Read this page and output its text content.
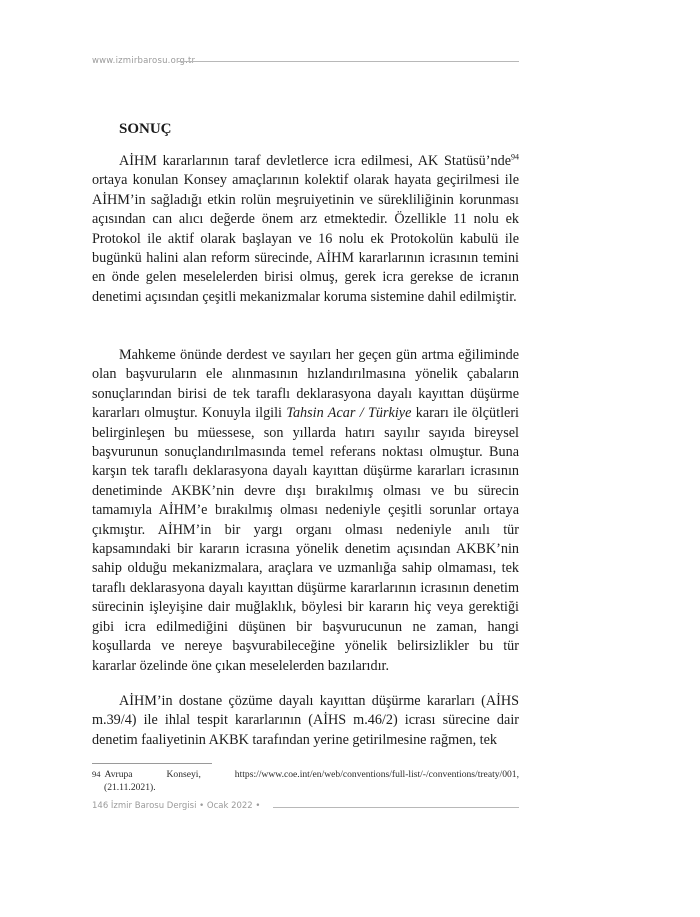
www.izmirbarosu.org.tr
SONUÇ

AİHM kararlarının taraf devletlerce icra edilmesi, AK Statüsü’nde$^{94}$ ortaya konulan Konsey amaçlarının kolektif olarak hayata geçirilmesi ile AİHM’in sağladığı etkin rolün meşruiyetinin ve sürekliliğinin korunması açısından can alıcı değerde önem arz etmektedir. Özellikle 11 nolu ek Protokol ile aktif olarak başlayan ve 16 nolu ek Protokolün kabulü ile bugünkü halini alan reform sürecinde, AİHM kararlarının icrasının temini en önde gelen meselelerden birisi olmuş, gerek icra gerekse de icranın denetimi açısından çeşitli mekanizmalar koruma sistemine dahil edilmiştir.

Mahkeme önünde derdest ve sayıları her geçen gün artma eğiliminde olan başvuruların ele alınmasının hızlandırılmasına yönelik çabaların sonuçlarından birisi de tek taraflı deklarasyona dayalı kayıttan düşürme kararları olmuştur. Konuyla ilgili Tahsin Acar / Türkiye kararı ile ölçütleri belirginleşen bu müessese, son yıllarda hatırı sayılır sayıda bireysel başvurunun sonuçlandırılmasında temel referans noktası olmuştur. Buna karşın tek taraflı deklarasyona dayalı kayıttan düşürme kararları icrasının denetiminde AKBK’nin devre dışı bırakılmış olması ve bu sürecin tamamıyla AİHM’e bırakılmış olması nedeniyle çeşitli sorunlar ortaya çıkmıştır. AİHM’in bir yargı organı olması nedeniyle anılı tür kapsamındaki bir kararın icrasına yönelik denetim açısından AKBK’nin sahip olduğu mekanizmalara, araçlara ve uzmanlığa sahip olmaması, tek taraflı deklarasyona dayalı kayıttan düşürme kararlarının icrasının denetim sürecinin işleyişine dair muğlaklık, böylesi bir kararın hiç veya gerektiği gibi icra edilmediğini düşünen bir başvurucunun ne zaman, hangi koşullarda ve nereye başvurabileceğine yönelik belirsizlikler bu tür kararlar özelinde öne çıkan meselelerden bazılarıdır.

AİHM’in dostane çözüme dayalı kayıttan düşürme kararları (AİHS m.39/4) ile ihlal tespit kararlarının (AİHS m.46/2) icrası sürecine dair denetim faaliyetinin AKBK tarafından yerine getirilmesine rağmen, tek

94 Avrupa	Konseyi,	https://www.coe.int/en/web/conventions/full-list/-/conventions/treaty/001,
(21.11.2021).
146 İzmir Barosu Dergisi • Ocak 2022 •
